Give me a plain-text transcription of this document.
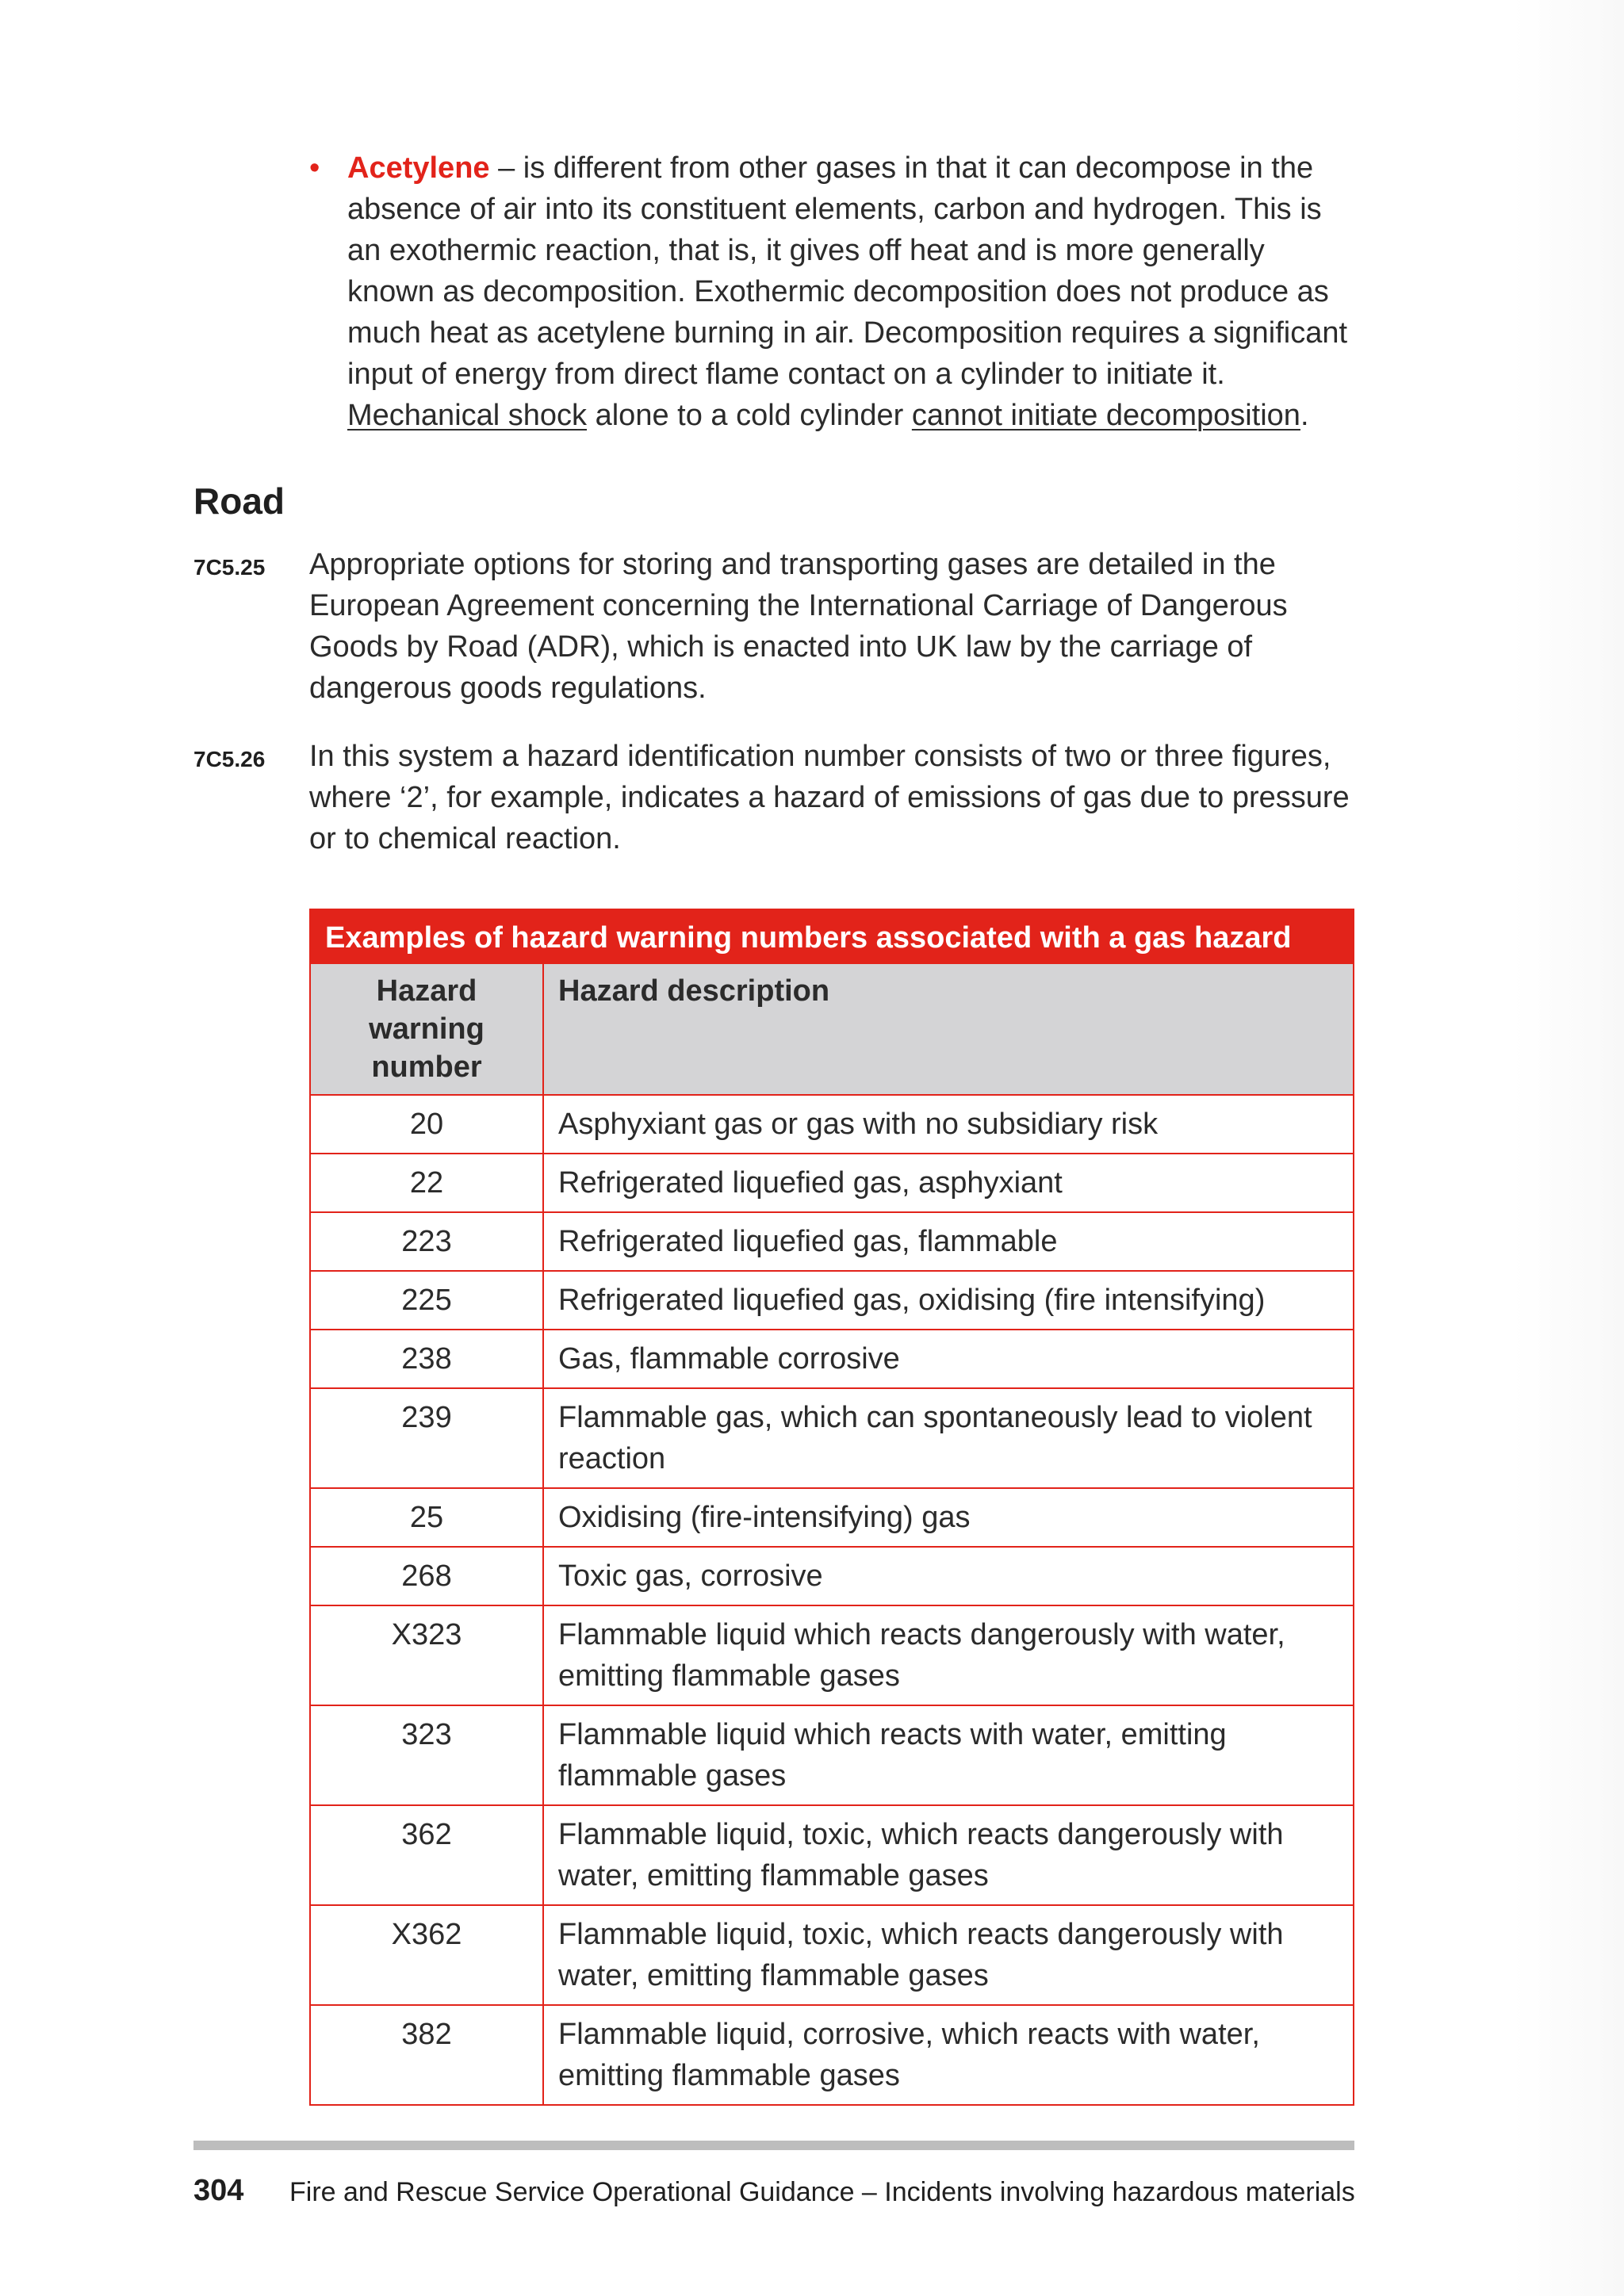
• Acetylene – is different from other gases in that it can decompose in the absence of air into its constituent elements, carbon and hydrogen. This is an exothermic reaction, that is, it gives off heat and is more generally known as decomposition. Exothermic decomposition does not produce as much heat as acetylene burning in air. Decomposition requires a significant input of energy from direct flame contact on a cylinder to initiate it. Mechanical shock alone to a cold cylinder cannot initiate decomposition.
Road
7C5.25 Appropriate options for storing and transporting gases are detailed in the European Agreement concerning the International Carriage of Dangerous Goods by Road (ADR), which is enacted into UK law by the carriage of dangerous goods regulations.
7C5.26 In this system a hazard identification number consists of two or three figures, where ‘2’, for example, indicates a hazard of emissions of gas due to pressure or to chemical reaction.
Examples of hazard warning numbers associated with a gas hazard	
Hazard warning number	Hazard description
20	Asphyxiant gas or gas with no subsidiary risk
22	Refrigerated liquefied gas, asphyxiant
223	Refrigerated liquefied gas, flammable
225	Refrigerated liquefied gas, oxidising (fire intensifying)
238	Gas, flammable corrosive
239	Flammable gas, which can spontaneously lead to violent reaction
25	Oxidising (fire-intensifying) gas
268	Toxic gas, corrosive
X323	Flammable liquid which reacts dangerously with water, emitting flammable gases
323	Flammable liquid which reacts with water, emitting flammable gases
362	Flammable liquid, toxic, which reacts dangerously with water, emitting flammable gases
X362	Flammable liquid, toxic, which reacts dangerously with water, emitting flammable gases
382	Flammable liquid, corrosive, which reacts with water, emitting flammable gases
304 Fire and Rescue Service Operational Guidance – Incidents involving hazardous materials
